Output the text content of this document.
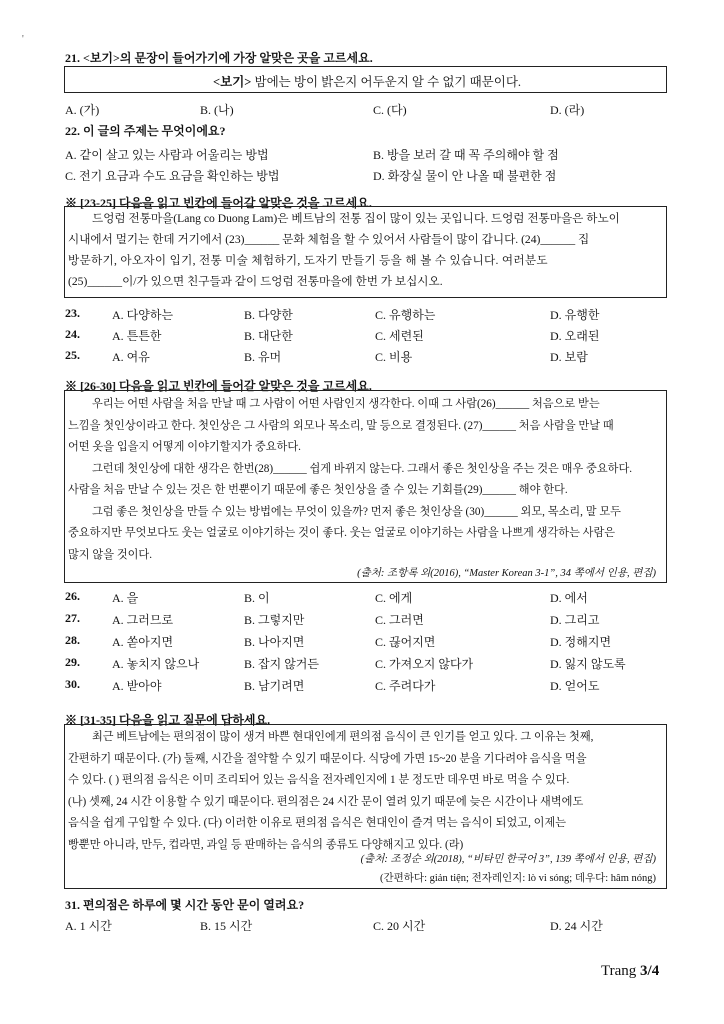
'
21. <보기>의 문장이 들어가기에 가장 알맞은 곳을 고르세요.
<보기> 밤에는 방이 밝은지 어두운지 알 수 없기 때문이다.
A. (가)	B. (나)	C. (다)	D. (라)
22. 이 글의 주제는 무엇이에요?
A. 같이 살고 있는 사람과 어울리는 방법	B. 방을 보러 갈 때 꼭 주의해야 할 점
C. 전기 요금과 수도 요금을 확인하는 방법	D. 화장실 물이 안 나올 때 불편한 점
※ [23-25] 다음을 읽고 빈칸에 들어갈 알맞은 것을 고르세요.

드엉럼 전통마을(Lang co Duong Lam)은 베트남의 전통 집이 많이 있는 곳입니다. 드엉럼 전통마을은 하노이

시내에서 멀기는 한데 거기에서 (23)______ 문화 체험을 할 수 있어서 사람들이 많이 갑니다. (24)______ 집

방문하기, 아오자이 입기, 전통 미술 체험하기, 도자기 만들기 등을 해 볼 수 있습니다. 여러분도

(25)______이/가 있으면 친구들과 같이 드엉럼 전통마을에 한번 가 보십시오.

23.	A. 다양하는	B. 다양한	C. 유행하는	D. 유행한
24.	A. 튼튼한	B. 대단한	C. 세련된	D. 오래된
25.	A. 여유	B. 유머	C. 비용	D. 보람
※ [26-30] 다음을 읽고 빈칸에 들어갈 알맞은 것을 고르세요.

우리는 어떤 사람을 처음 만날 때 그 사람이 어떤 사람인지 생각한다. 이때 그 사람(26)______ 처음으로 받는

느낌을 첫인상이라고 한다. 첫인상은 그 사람의 외모나 목소리, 말 등으로 결정된다. (27)______ 처음 사람을 만날 때

어떤 옷을 입을지 어떻게 이야기할지가 중요하다.

그런데 첫인상에 대한 생각은 한번(28)______ 쉽게 바뀌지 않는다. 그래서 좋은 첫인상을 주는 것은 매우 중요하다.

사람을 처음 만날 수 있는 것은 한 번뿐이기 때문에 좋은 첫인상을 줄 수 있는 기회를(29)______ 해야 한다.

그럼 좋은 첫인상을 만들 수 있는 방법에는 무엇이 있을까? 먼저 좋은 첫인상을 (30)______ 외모, 목소리, 말 모두

중요하지만 무엇보다도 웃는 얼굴로 이야기하는 것이 좋다. 웃는 얼굴로 이야기하는 사람을 나쁘게 생각하는 사람은

많지 않을 것이다.

(출처: 조항록 외(2016), “Master Korean 3-1”, 34 쪽에서 인용, 편집)
26.	A. 을	B. 이	C. 에게	D. 에서
27.	A. 그러므로	B. 그렇지만	C. 그러면	D. 그리고
28.	A. 쏟아지면	B. 나아지면	C. 끊어지면	D. 정해지면
29.	A. 놓치지 않으나	B. 잡지 않거든	C. 가져오지 않다가	D. 잃지 않도록
30.	A. 받아야	B. 남기려면	C. 주려다가	D. 얻어도
※ [31-35] 다음을 읽고 질문에 답하세요.

최근 베트남에는 편의점이 많이 생겨 바쁜 현대인에게 편의점 음식이 큰 인기를 얻고 있다. 그 이유는 첫째,

간편하기 때문이다. (가) 둘째, 시간을 절약할 수 있기 때문이다. 식당에 가면 15~20 분을 기다려야 음식을 먹을

수 있다. ( ) 편의점 음식은 이미 조리되어 있는 음식을 전자레인지에 1 분 정도만 데우면 바로 먹을 수 있다.

(나) 셋째, 24 시간 이용할 수 있기 때문이다. 편의점은 24 시간 문이 열려 있기 때문에 늦은 시간이나 새벽에도

음식을 쉽게 구입할 수 있다. (다) 이러한 이유로 편의점 음식은 현대인이 즐겨 먹는 음식이 되었고, 이제는

빵뿐만 아니라, 만두, 컵라면, 과일 등 판매하는 음식의 종류도 다양해지고 있다. (라)

(출처: 조정순 외(2018), “비타민 한국어 3”, 139 쪽에서 인용, 편집)
(간편하다: giản tiện; 전자레인지: lò vi sóng; 데우다: hâm nóng)
31. 편의점은 하루에 몇 시간 동안 문이 열려요?
A. 1 시간	B. 15 시간	C. 20 시간	D. 24 시간
Trang 3/4
